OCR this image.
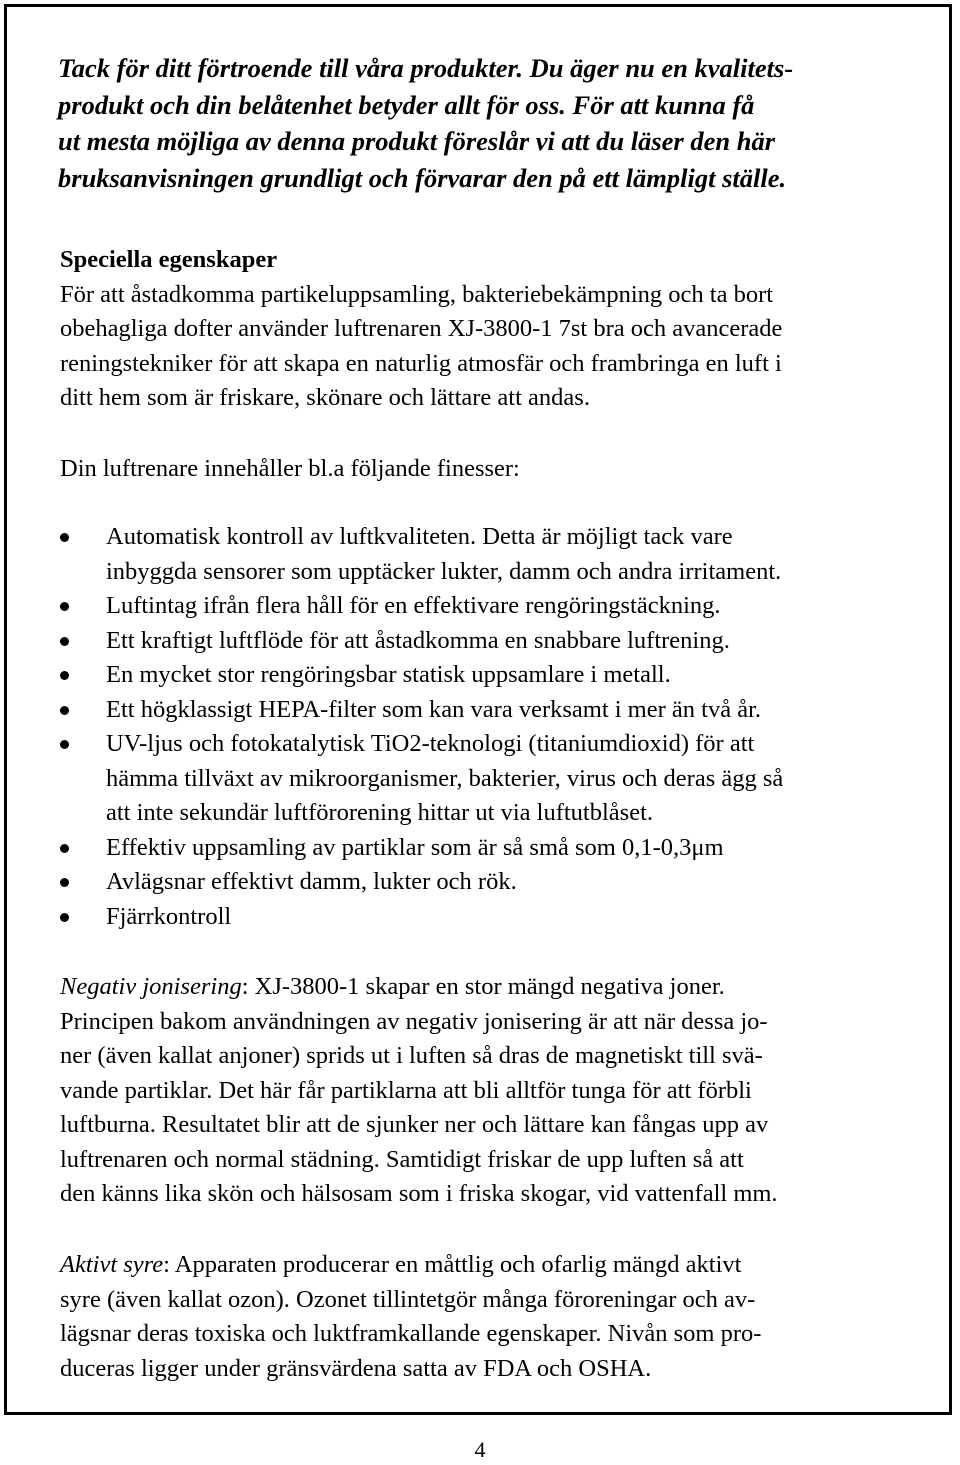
Tack för ditt förtroende till våra produkter. Du äger nu en kvalitets-
produkt och din belåtenhet betyder allt för oss. För att kunna få
ut mesta möjliga av denna produkt föreslår vi att du läser den här
bruksanvisningen grundligt och förvarar den på ett lämpligt ställe.
Speciella egenskaper
För att åstadkomma partikeluppsamling, bakteriebekämpning och ta bort
obehagliga dofter använder luftrenaren XJ-3800-1 7st bra och avancerade
reningstekniker för att skapa en naturlig atmosfär och frambringa en luft i
ditt hem som är friskare, skönare och lättare att andas.
Din luftrenare innehåller bl.a följande finesser:
Automatisk kontroll av luftkvaliteten. Detta är möjligt tack vare
inbyggda sensorer som upptäcker lukter, damm och andra irritament.
Luftintag ifrån flera håll för en effektivare rengöringstäckning.
Ett kraftigt luftflöde för att åstadkomma en snabbare luftrening.
En mycket stor rengöringsbar statisk uppsamlare i metall.
Ett högklassigt HEPA-filter som kan vara verksamt i mer än två år.
UV-ljus och fotokatalytisk TiO2-teknologi (titaniumdioxid) för att
hämma tillväxt av mikroorganismer, bakterier, virus och deras ägg så
att inte sekundär luftförorening hittar ut via luftutblåset.
Effektiv uppsamling av partiklar som är så små som 0,1-0,3μm
Avlägsnar effektivt damm, lukter och rök.
Fjärrkontroll
Negativ jonisering: XJ-3800-1 skapar en stor mängd negativa joner.
Principen bakom användningen av negativ jonisering är att när dessa jo-
ner (även kallat anjoner) sprids ut i luften så dras de magnetiskt till svä-
vande partiklar. Det här får partiklarna att bli alltför tunga för att förbli
luftburna. Resultatet blir att de sjunker ner och lättare kan fångas upp av
luftrenaren och normal städning. Samtidigt friskar de upp luften så att
den känns lika skön och hälsosam som i friska skogar, vid vattenfall mm.
Aktivt syre: Apparaten producerar en måttlig och ofarlig mängd aktivt
syre (även kallat ozon). Ozonet tillintetgör många föroreningar och av-
lägsnar deras toxiska och luktframkallande egenskaper. Nivån som pro-
duceras ligger under gränsvärdena satta av FDA och OSHA.
4
